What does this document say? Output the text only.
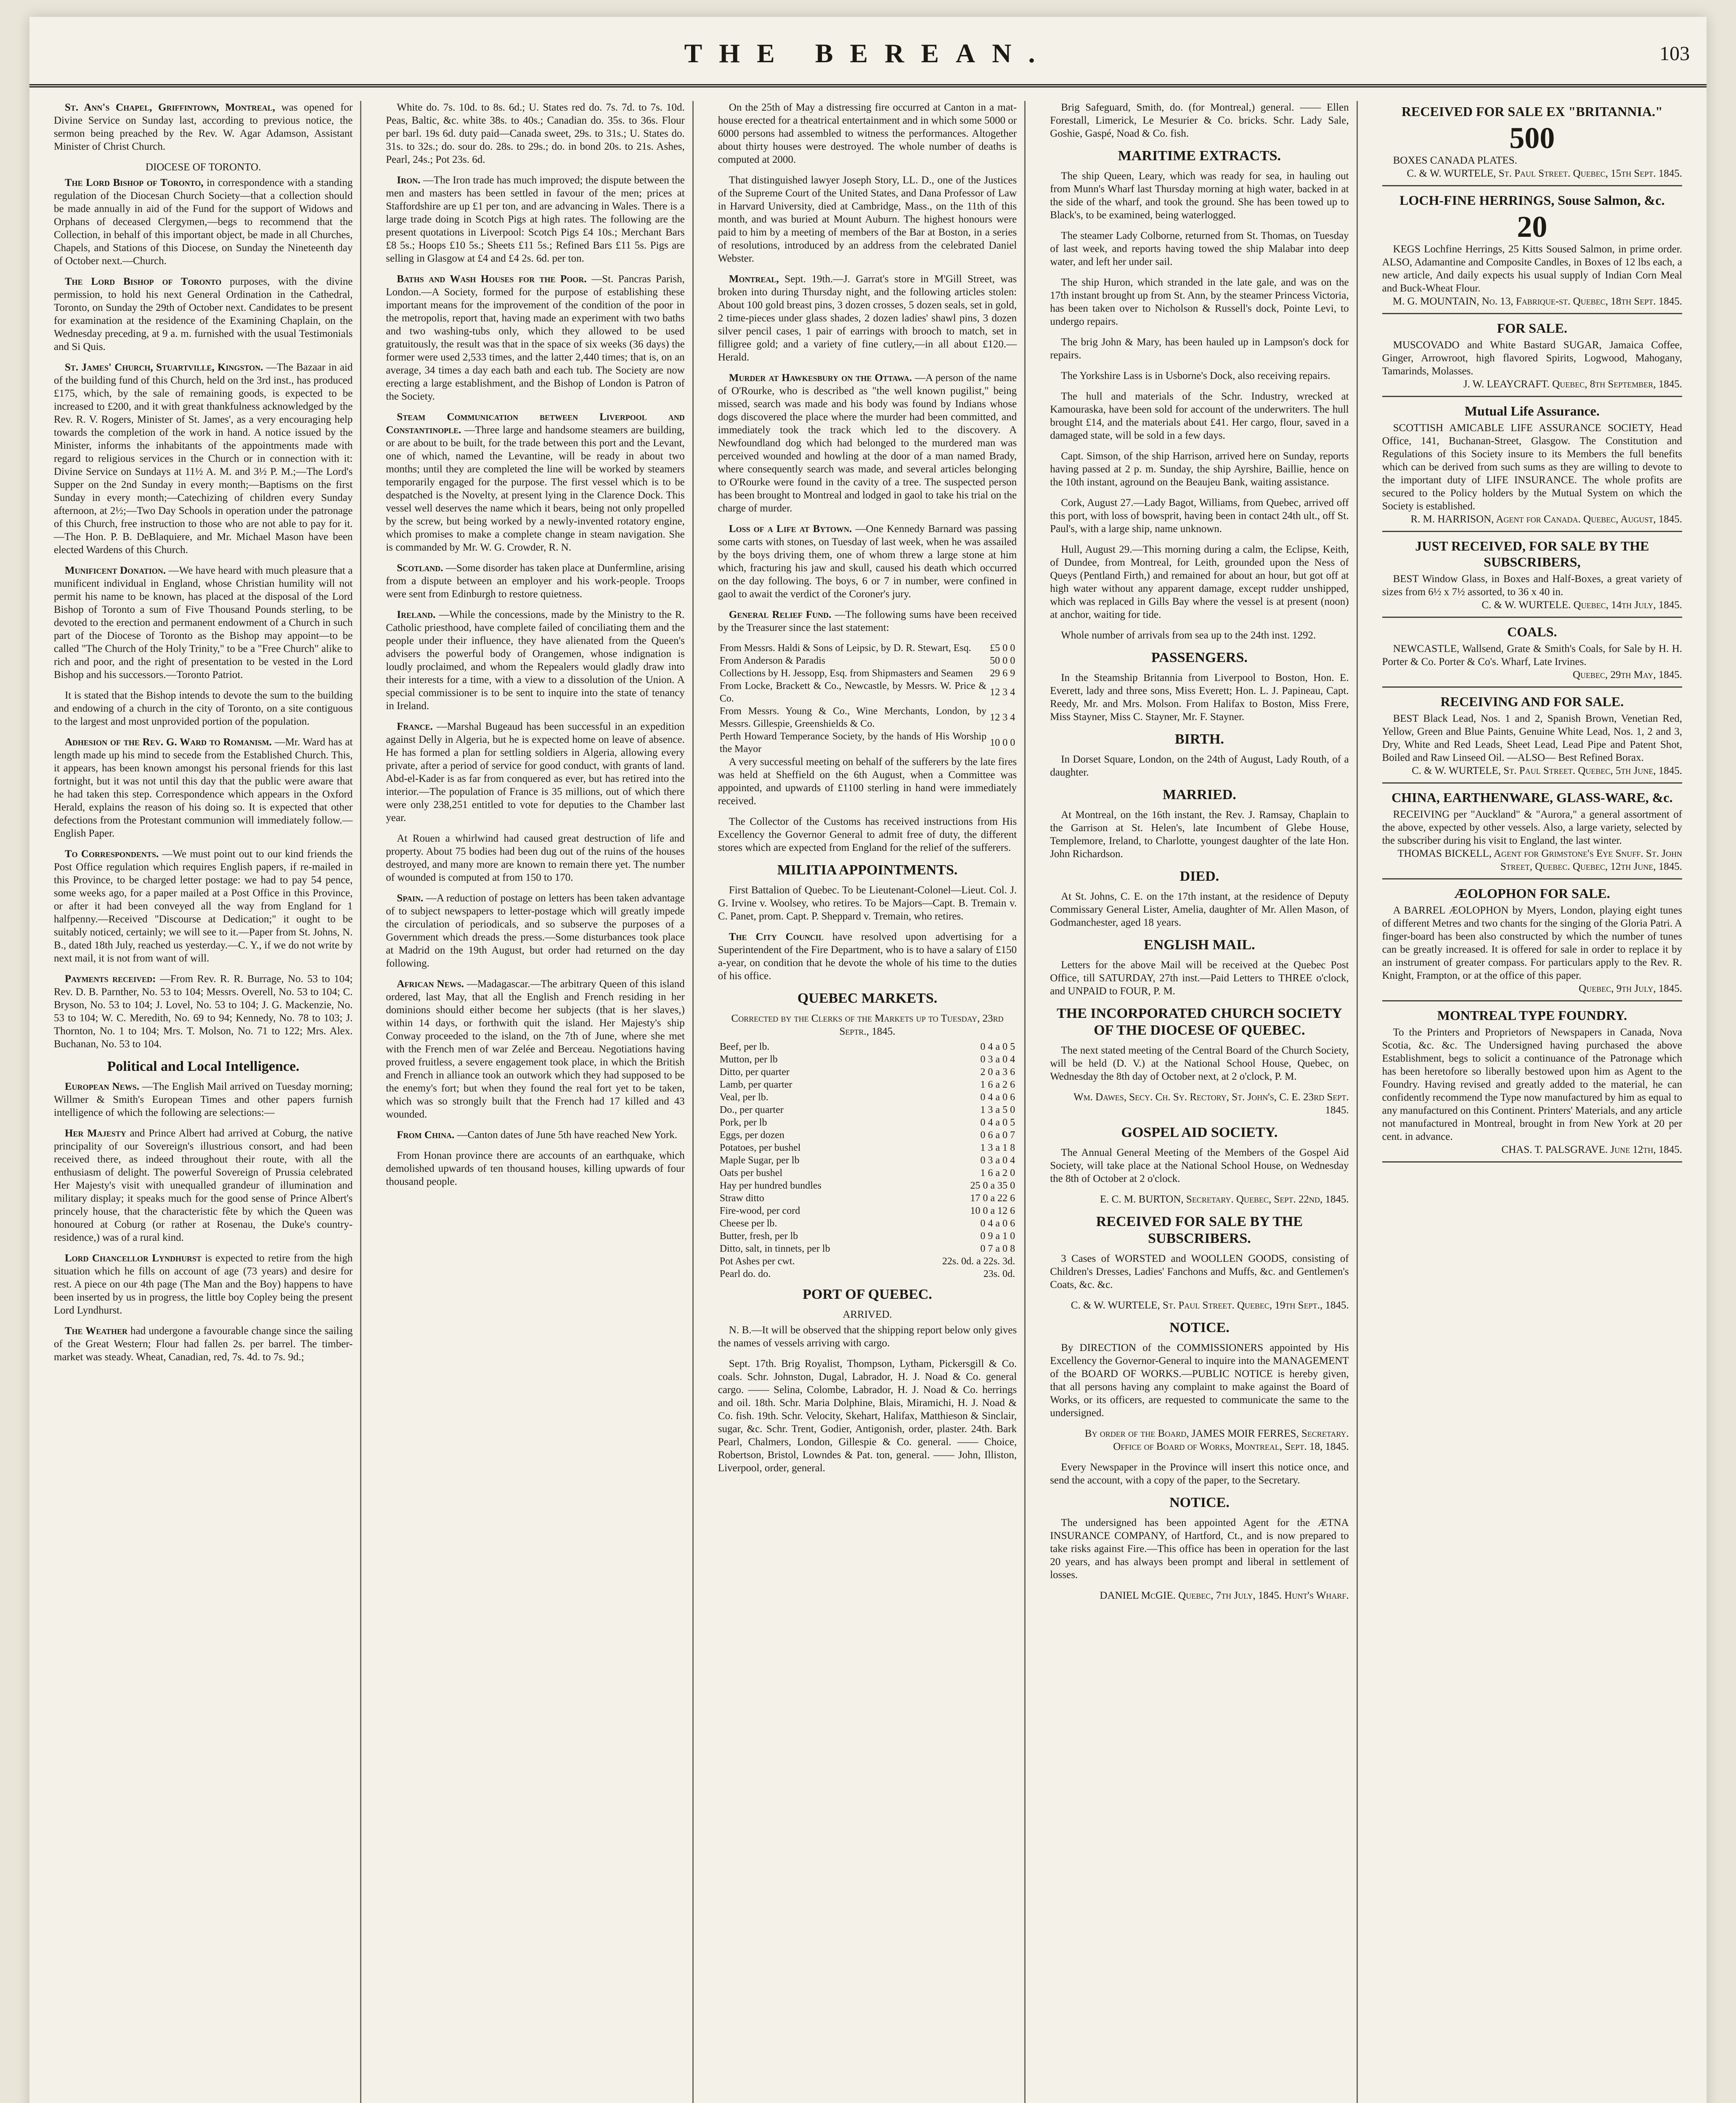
THE BEREAN.	103

St. Ann's Chapel, Griffintown, Montreal, was opened for Divine Service on Sunday last, according to previous notice, the sermon being preached by the Rev. W. Agar Adamson, Assistant Minister of Christ Church.

DIOCESE OF TORONTO.

The Lord Bishop of Toronto, in correspondence with a standing regulation of the Diocesan Church Society—that a collection should be made annually in aid of the Fund for the support of Widows and Orphans of deceased Clergymen,—begs to recommend that the Collection, in behalf of this important object, be made in all Churches, Chapels, and Stations of this Diocese, on Sunday the Nineteenth day of October next.—Church.

The Lord Bishop of Toronto purposes, with the divine permission, to hold his next General Ordination in the Cathedral, Toronto, on Sunday the 29th of October next. Candidates to be present for examination at the residence of the Examining Chaplain, on the Wednesday preceding, at 9 a. m. furnished with the usual Testimonials and Si Quis.

St. James' Church, Stuartville, Kingston. —The Bazaar in aid of the building fund of this Church, held on the 3rd inst., has produced £175, which, by the sale of remaining goods, is expected to be increased to £200, and it with great thankfulness acknowledged by the Rev. R. V. Rogers, Minister of St. James', as a very encouraging help towards the completion of the work in hand. A notice issued by the Minister, informs the inhabitants of the appointments made with regard to religious services in the Church or in connection with it: Divine Service on Sundays at 11½ A. M. and 3½ P. M.;—The Lord's Supper on the 2nd Sunday in every month;—Baptisms on the first Sunday in every month;—Catechizing of children every Sunday afternoon, at 2½;—Two Day Schools in operation under the patronage of this Church, free instruction to those who are not able to pay for it.—The Hon. P. B. DeBlaquiere, and Mr. Michael Mason have been elected Wardens of this Church.

Munificent Donation. —We have heard with much pleasure that a munificent individual in England, whose Christian humility will not permit his name to be known, has placed at the disposal of the Lord Bishop of Toronto a sum of Five Thousand Pounds sterling, to be devoted to the erection and permanent endowment of a Church in such part of the Diocese of Toronto as the Bishop may appoint—to be called "The Church of the Holy Trinity," to be a "Free Church" alike to rich and poor, and the right of presentation to be vested in the Lord Bishop and his successors.—Toronto Patriot.

It is stated that the Bishop intends to devote the sum to the building and endowing of a church in the city of Toronto, on a site contiguous to the largest and most unprovided portion of the population.

Adhesion of the Rev. G. Ward to Romanism. —Mr. Ward has at length made up his mind to secede from the Established Church. This, it appears, has been known amongst his personal friends for this last fortnight, but it was not until this day that the public were aware that he had taken this step. Correspondence which appears in the Oxford Herald, explains the reason of his doing so. It is expected that other defections from the Protestant communion will immediately follow.—English Paper.

To Correspondents. —We must point out to our kind friends the Post Office regulation which requires English papers, if re-mailed in this Province, to be charged letter postage: we had to pay 54 pence, some weeks ago, for a paper mailed at a Post Office in this Province, or after it had been conveyed all the way from England for 1 halfpenny.—Received "Discourse at Dedication;" it ought to be suitably noticed, certainly; we will see to it.—Paper from St. Johns, N. B., dated 18th July, reached us yesterday.—C. Y., if we do not write by next mail, it is not from want of will.

Payments received: —From Rev. R. R. Burrage, No. 53 to 104; Rev. D. B. Parnther, No. 53 to 104; Messrs. Overell, No. 53 to 104; C. Bryson, No. 53 to 104; J. Lovel, No. 53 to 104; J. G. Mackenzie, No. 53 to 104; W. C. Meredith, No. 69 to 94; Kennedy, No. 78 to 103; J. Thornton, No. 1 to 104; Mrs. T. Molson, No. 71 to 122; Mrs. Alex. Buchanan, No. 53 to 104.

Political and Local Intelligence.

European News. —The English Mail arrived on Tuesday morning; Willmer & Smith's European Times and other papers furnish intelligence of which the following are selections:—

Her Majesty and Prince Albert had arrived at Coburg, the native principality of our Sovereign's illustrious consort, and had been received there, as indeed throughout their route, with all the enthusiasm of delight. The powerful Sovereign of Prussia celebrated Her Majesty's visit with unequalled grandeur of illumination and military display; it speaks much for the good sense of Prince Albert's princely house, that the characteristic fête by which the Queen was honoured at Coburg (or rather at Rosenau, the Duke's country-residence,) was of a rural kind.

Lord Chancellor Lyndhurst is expected to retire from the high situation which he fills on account of age (73 years) and desire for rest. A piece on our 4th page (The Man and the Boy) happens to have been inserted by us in progress, the little boy Copley being the present Lord Lyndhurst.

The Weather had undergone a favourable change since the sailing of the Great Western; Flour had fallen 2s. per barrel. The timber-market was steady. Wheat, Canadian, red, 7s. 4d. to 7s. 9d.;

White do. 7s. 10d. to 8s. 6d.; U. States red do. 7s. 7d. to 7s. 10d. Peas, Baltic, &c. white 38s. to 40s.; Canadian do. 35s. to 36s. Flour per barl. 19s 6d. duty paid—Canada sweet, 29s. to 31s.; U. States do. 31s. to 32s.; do. sour do. 28s. to 29s.; do. in bond 20s. to 21s. Ashes, Pearl, 24s.; Pot 23s. 6d.

Iron. —The Iron trade has much improved; the dispute between the men and masters has been settled in favour of the men; prices at Staffordshire are up £1 per ton, and are advancing in Wales. There is a large trade doing in Scotch Pigs at high rates. The following are the present quotations in Liverpool: Scotch Pigs £4 10s.; Merchant Bars £8 5s.; Hoops £10 5s.; Sheets £11 5s.; Refined Bars £11 5s. Pigs are selling in Glasgow at £4 and £4 2s. 6d. per ton.

Baths and Wash Houses for the Poor. —St. Pancras Parish, London.—A Society, formed for the purpose of establishing these important means for the improvement of the condition of the poor in the metropolis, report that, having made an experiment with two baths and two washing-tubs only, which they allowed to be used gratuitously, the result was that in the space of six weeks (36 days) the former were used 2,533 times, and the latter 2,440 times; that is, on an average, 34 times a day each bath and each tub. The Society are now erecting a large establishment, and the Bishop of London is Patron of the Society.

Steam Communication between Liverpool and Constantinople. —Three large and handsome steamers are building, or are about to be built, for the trade between this port and the Levant, one of which, named the Levantine, will be ready in about two months; until they are completed the line will be worked by steamers temporarily engaged for the purpose. The first vessel which is to be despatched is the Novelty, at present lying in the Clarence Dock. This vessel well deserves the name which it bears, being not only propelled by the screw, but being worked by a newly-invented rotatory engine, which promises to make a complete change in steam navigation. She is commanded by Mr. W. G. Crowder, R. N.

Scotland. —Some disorder has taken place at Dunfermline, arising from a dispute between an employer and his work-people. Troops were sent from Edinburgh to restore quietness.

Ireland. —While the concessions, made by the Ministry to the R. Catholic priesthood, have complete failed of conciliating them and the people under their influence, they have alienated from the Queen's advisers the powerful body of Orangemen, whose indignation is loudly proclaimed, and whom the Repealers would gladly draw into their interests for a time, with a view to a dissolution of the Union. A special commissioner is to be sent to inquire into the state of tenancy in Ireland.

France. —Marshal Bugeaud has been successful in an expedition against Delly in Algeria, but he is expected home on leave of absence. He has formed a plan for settling soldiers in Algeria, allowing every private, after a period of service for good conduct, with grants of land. Abd-el-Kader is as far from conquered as ever, but has retired into the interior.—The population of France is 35 millions, out of which there were only 238,251 entitled to vote for deputies to the Chamber last year.

At Rouen a whirlwind had caused great destruction of life and property. About 75 bodies had been dug out of the ruins of the houses destroyed, and many more are known to remain there yet. The number of wounded is computed at from 150 to 170.

Spain. —A reduction of postage on letters has been taken advantage of to subject newspapers to letter-postage which will greatly impede the circulation of periodicals, and so subserve the purposes of a Government which dreads the press.—Some disturbances took place at Madrid on the 19th August, but order had returned on the day following.

African News. —Madagascar.—The arbitrary Queen of this island ordered, last May, that all the English and French residing in her dominions should either become her subjects (that is her slaves,) within 14 days, or forthwith quit the island. Her Majesty's ship Conway proceeded to the island, on the 7th of June, where she met with the French men of war Zelée and Berceau. Negotiations having proved fruitless, a severe engagement took place, in which the British and French in alliance took an outwork which they had supposed to be the enemy's fort; but when they found the real fort yet to be taken, which was so strongly built that the French had 17 killed and 43 wounded.

From China. —Canton dates of June 5th have reached New York.

From Honan province there are accounts of an earthquake, which demolished upwards of ten thousand houses, killing upwards of four thousand people.

On the 25th of May a distressing fire occurred at Canton in a mat-house erected for a theatrical entertainment and in which some 5000 or 6000 persons had assembled to witness the performances. Altogether about thirty houses were destroyed. The whole number of deaths is computed at 2000.

That distinguished lawyer Joseph Story, LL. D., one of the Justices of the Supreme Court of the United States, and Dana Professor of Law in Harvard University, died at Cambridge, Mass., on the 11th of this month, and was buried at Mount Auburn. The highest honours were paid to him by a meeting of members of the Bar at Boston, in a series of resolutions, introduced by an address from the celebrated Daniel Webster.

Montreal, Sept. 19th.—J. Garrat's store in M'Gill Street, was broken into during Thursday night, and the following articles stolen: About 100 gold breast pins, 3 dozen crosses, 5 dozen seals, set in gold, 2 time-pieces under glass shades, 2 dozen ladies' shawl pins, 3 dozen silver pencil cases, 1 pair of earrings with brooch to match, set in filligree gold; and a variety of fine cutlery,—in all about £120.—Herald.

Murder at Hawkesbury on the Ottawa. —A person of the name of O'Rourke, who is described as "the well known pugilist," being missed, search was made and his body was found by Indians whose dogs discovered the place where the murder had been committed, and immediately took the track which led to the discovery. A Newfoundland dog which had belonged to the murdered man was perceived wounded and howling at the door of a man named Brady, where consequently search was made, and several articles belonging to O'Rourke were found in the cavity of a tree. The suspected person has been brought to Montreal and lodged in gaol to take his trial on the charge of murder.

Loss of a Life at Bytown. —One Kennedy Barnard was passing some carts with stones, on Tuesday of last week, when he was assailed by the boys driving them, one of whom threw a large stone at him which, fracturing his jaw and skull, caused his death which occurred on the day following. The boys, 6 or 7 in number, were confined in gaol to await the verdict of the Coroner's jury.

General Relief Fund. —The following sums have been received by the Treasurer since the last statement:

From Messrs. Haldi & Sons of Leipsic, by D. R. Stewart, Esq.	£5 0 0
From Anderson & Paradis	50 0 0
Collections by H. Jessopp, Esq. from Shipmasters and Seamen	29 6 9
From Locke, Brackett & Co., Newcastle, by Messrs. W. Price & Co.	12 3 4
From Messrs. Young & Co., Wine Merchants, London, by Messrs. Gillespie, Greenshields & Co.	12 3 4
Perth Howard Temperance Society, by the hands of His Worship the Mayor	10 0 0

A very successful meeting on behalf of the sufferers by the late fires was held at Sheffield on the 6th August, when a Committee was appointed, and upwards of £1100 sterling in hand were immediately received.

The Collector of the Customs has received instructions from His Excellency the Governor General to admit free of duty, the different stores which are expected from England for the relief of the sufferers.

MILITIA APPOINTMENTS.

First Battalion of Quebec. To be Lieutenant-Colonel—Lieut. Col. J. G. Irvine v. Woolsey, who retires. To be Majors—Capt. B. Tremain v. C. Panet, prom. Capt. P. Sheppard v. Tremain, who retires.

The City Council have resolved upon advertising for a Superintendent of the Fire Department, who is to have a salary of £150 a-year, on condition that he devote the whole of his time to the duties of his office.

QUEBEC MARKETS.
Corrected by the Clerks of the Markets up to Tuesday, 23rd Septr., 1845.
Beef, per lb.	0 4 a 0 5
Mutton, per lb	0 3 a 0 4
Ditto, per quarter	2 0 a 3 6
Lamb, per quarter	1 6 a 2 6
Veal, per lb.	0 4 a 0 6
Do., per quarter	1 3 a 5 0
Pork, per lb	0 4 a 0 5
Eggs, per dozen	0 6 a 0 7
Potatoes, per bushel	1 3 a 1 8
Maple Sugar, per lb	0 3 a 0 4
Oats per bushel	1 6 a 2 0
Hay per hundred bundles	25 0 a 35 0
Straw ditto	17 0 a 22 6
Fire-wood, per cord	10 0 a 12 6
Cheese per lb.	0 4 a 0 6
Butter, fresh, per lb	0 9 a 1 0
Ditto, salt, in tinnets, per lb	0 7 a 0 8
Pot Ashes per cwt.	22s. 0d. a 22s. 3d.
Pearl do. do.	23s. 0d.
PORT OF QUEBEC.
ARRIVED.

N. B.—It will be observed that the shipping report below only gives the names of vessels arriving with cargo.

Sept. 17th. Brig Royalist, Thompson, Lytham, Pickersgill & Co. coals. Schr. Johnston, Dugal, Labrador, H. J. Noad & Co. general cargo. —— Selina, Colombe, Labrador, H. J. Noad & Co. herrings and oil. 18th. Schr. Maria Dolphine, Blais, Miramichi, H. J. Noad & Co. fish. 19th. Schr. Velocity, Skehart, Halifax, Matthieson & Sinclair, sugar, &c. Schr. Trent, Godier, Antigonish, order, plaster. 24th. Bark Pearl, Chalmers, London, Gillespie & Co. general. —— Choice, Robertson, Bristol, Lowndes & Pat. ton, general. —— John, Illiston, Liverpool, order, general.

Brig Safeguard, Smith, do. (for Montreal,) general. —— Ellen Forestall, Limerick, Le Mesurier & Co. bricks. Schr. Lady Sale, Goshie, Gaspé, Noad & Co. fish.

MARITIME EXTRACTS.

The ship Queen, Leary, which was ready for sea, in hauling out from Munn's Wharf last Thursday morning at high water, backed in at the side of the wharf, and took the ground. She has been towed up to Black's, to be examined, being waterlogged.

The steamer Lady Colborne, returned from St. Thomas, on Tuesday of last week, and reports having towed the ship Malabar into deep water, and left her under sail.

The ship Huron, which stranded in the late gale, and was on the 17th instant brought up from St. Ann, by the steamer Princess Victoria, has been taken over to Nicholson & Russell's dock, Pointe Levi, to undergo repairs.

The brig John & Mary, has been hauled up in Lampson's dock for repairs.

The Yorkshire Lass is in Usborne's Dock, also receiving repairs.

The hull and materials of the Schr. Industry, wrecked at Kamouraska, have been sold for account of the underwriters. The hull brought £14, and the materials about £41. Her cargo, flour, saved in a damaged state, will be sold in a few days.

Capt. Simson, of the ship Harrison, arrived here on Sunday, reports having passed at 2 p. m. Sunday, the ship Ayrshire, Baillie, hence on the 10th instant, aground on the Beaujeu Bank, waiting assistance.

Cork, August 27.—Lady Bagot, Williams, from Quebec, arrived off this port, with loss of bowsprit, having been in contact 24th ult., off St. Paul's, with a large ship, name unknown.

Hull, August 29.—This morning during a calm, the Eclipse, Keith, of Dundee, from Montreal, for Leith, grounded upon the Ness of Queys (Pentland Firth,) and remained for about an hour, but got off at high water without any apparent damage, except rudder unshipped, which was replaced in Gills Bay where the vessel is at present (noon) at anchor, waiting for tide.

Whole number of arrivals from sea up to the 24th inst. 1292.

PASSENGERS.

In the Steamship Britannia from Liverpool to Boston, Hon. E. Everett, lady and three sons, Miss Everett; Hon. L. J. Papineau, Capt. Reedy, Mr. and Mrs. Molson. From Halifax to Boston, Miss Frere, Miss Stayner, Miss C. Stayner, Mr. F. Stayner.

BIRTH.

In Dorset Square, London, on the 24th of August, Lady Routh, of a daughter.

MARRIED.

At Montreal, on the 16th instant, the Rev. J. Ramsay, Chaplain to the Garrison at St. Helen's, late Incumbent of Glebe House, Templemore, Ireland, to Charlotte, youngest daughter of the late Hon. John Richardson.

DIED.

At St. Johns, C. E. on the 17th instant, at the residence of Deputy Commissary General Lister, Amelia, daughter of Mr. Allen Mason, of Godmanchester, aged 18 years.

ENGLISH MAIL.

Letters for the above Mail will be received at the Quebec Post Office, till SATURDAY, 27th inst.—Paid Letters to THREE o'clock, and UNPAID to FOUR, P. M.

THE INCORPORATED CHURCH SOCIETY OF THE DIOCESE OF QUEBEC.

The next stated meeting of the Central Board of the Church Society, will be held (D. V.) at the National School House, Quebec, on Wednesday the 8th day of October next, at 2 o'clock, P. M.

Wm. Dawes, Secy. Ch. Sy. Rectory, St. John's, C. E. 23rd Sept. 1845.
GOSPEL AID SOCIETY.

The Annual General Meeting of the Members of the Gospel Aid Society, will take place at the National School House, on Wednesday the 8th of October at 2 o'clock.

E. C. M. BURTON, Secretary. Quebec, Sept. 22nd, 1845.
RECEIVED FOR SALE BY THE SUBSCRIBERS.

3 Cases of WORSTED and WOOLLEN GOODS, consisting of Children's Dresses, Ladies' Fanchons and Muffs, &c. and Gentlemen's Coats, &c. &c.

C. & W. WURTELE, St. Paul Street. Quebec, 19th Sept., 1845.
NOTICE.

By DIRECTION of the COMMISSIONERS appointed by His Excellency the Governor-General to inquire into the MANAGEMENT of the BOARD OF WORKS.—PUBLIC NOTICE is hereby given, that all persons having any complaint to make against the Board of Works, or its officers, are requested to communicate the same to the undersigned.

By order of the Board, JAMES MOIR FERRES, Secretary. Office of Board of Works, Montreal, Sept. 18, 1845.

Every Newspaper in the Province will insert this notice once, and send the account, with a copy of the paper, to the Secretary.

NOTICE.

The undersigned has been appointed Agent for the ÆTNA INSURANCE COMPANY, of Hartford, Ct., and is now prepared to take risks against Fire.—This office has been in operation for the last 20 years, and has always been prompt and liberal in settlement of losses.

DANIEL McGIE. Quebec, 7th July, 1845. Hunt's Wharf.
RECEIVED FOR SALE EX "BRITANNIA."
500
BOXES CANADA PLATES.
C. & W. WURTELE, St. Paul Street. Quebec, 15th Sept. 1845.
LOCH-FINE HERRINGS, Souse Salmon, &c.
20
KEGS Lochfine Herrings, 25 Kitts Soused Salmon, in prime order. ALSO, Adamantine and Composite Candles, in Boxes of 12 lbs each, a new article, And daily expects his usual supply of Indian Corn Meal and Buck-Wheat Flour.
M. G. MOUNTAIN, No. 13, Fabrique-st. Quebec, 18th Sept. 1845.
FOR SALE.
MUSCOVADO and White Bastard SUGAR, Jamaica Coffee, Ginger, Arrowroot, high flavored Spirits, Logwood, Mahogany, Tamarinds, Molasses.
J. W. LEAYCRAFT. Quebec, 8th September, 1845.
Mutual Life Assurance.
SCOTTISH AMICABLE LIFE ASSURANCE SOCIETY, Head Office, 141, Buchanan-Street, Glasgow. The Constitution and Regulations of this Society insure to its Members the full benefits which can be derived from such sums as they are willing to devote to the important duty of LIFE INSURANCE. The whole profits are secured to the Policy holders by the Mutual System on which the Society is established.
R. M. HARRISON, Agent for Canada. Quebec, August, 1845.
JUST RECEIVED, FOR SALE BY THE SUBSCRIBERS,
BEST Window Glass, in Boxes and Half-Boxes, a great variety of sizes from 6½ x 7½ assorted, to 36 x 40 in.
C. & W. WURTELE. Quebec, 14th July, 1845.
COALS.
NEWCASTLE, Wallsend, Grate & Smith's Coals, for Sale by H. H. Porter & Co. Porter & Co's. Wharf, Late Irvines.
Quebec, 29th May, 1845.
RECEIVING AND FOR SALE.
BEST Black Lead, Nos. 1 and 2, Spanish Brown, Venetian Red, Yellow, Green and Blue Paints, Genuine White Lead, Nos. 1, 2 and 3, Dry, White and Red Leads, Sheet Lead, Lead Pipe and Patent Shot, Boiled and Raw Linseed Oil. —ALSO— Best Refined Borax.
C. & W. WURTELE, St. Paul Street. Quebec, 5th June, 1845.
CHINA, EARTHENWARE, GLASS-WARE, &c.
RECEIVING per "Auckland" & "Aurora," a general assortment of the above, expected by other vessels. Also, a large variety, selected by the subscriber during his visit to England, the last winter.
THOMAS BICKELL, Agent for Grimstone's Eye Snuff. St. John Street, Quebec. Quebec, 12th June, 1845.
ÆOLOPHON FOR SALE.
A BARREL ÆOLOPHON by Myers, London, playing eight tunes of different Metres and two chants for the singing of the Gloria Patri. A finger-board has been also constructed by which the number of tunes can be greatly increased. It is offered for sale in order to replace it by an instrument of greater compass. For particulars apply to the Rev. R. Knight, Frampton, or at the office of this paper.
Quebec, 9th July, 1845.
MONTREAL TYPE FOUNDRY.
To the Printers and Proprietors of Newspapers in Canada, Nova Scotia, &c. &c. The Undersigned having purchased the above Establishment, begs to solicit a continuance of the Patronage which has been heretofore so liberally bestowed upon him as Agent to the Foundry. Having revised and greatly added to the material, he can confidently recommend the Type now manufactured by him as equal to any manufactured on this Continent. Printers' Materials, and any article not manufactured in Montreal, brought in from New York at 20 per cent. in advance.
CHAS. T. PALSGRAVE. June 12th, 1845.
